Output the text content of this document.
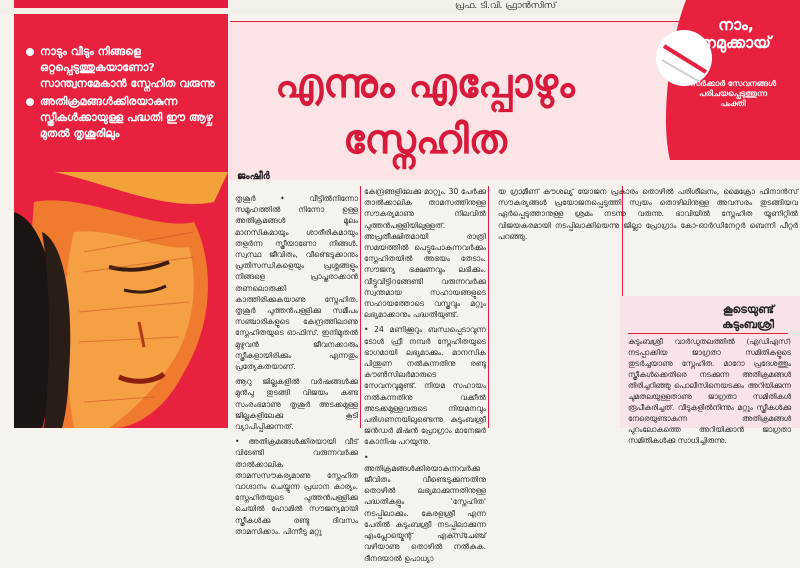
പ്രഫ. ടി.വി. ഫ്രാൻസിസ്
നാടും വീടും നിങ്ങളെ ഒറ്റപ്പെടുത്തുകയാണോ? സാന്ത്വനമേകാൻ സ്നേഹിത വരുന്നു
അതിക്രമങ്ങൾക്കിരയാകുന്ന സ്ത്രീകൾക്കായുള്ള പദ്ധതി ഈ ആഴ്ച മുതൽ തൃശൂരിലും
എന്നും എപ്പോഴും
സ്നേഹിത
നാം,
നമുക്കായ്
സർക്കാർ സേവനങ്ങൾ പരിചയപ്പെടുത്തുന്ന പംക്തി
ജംഷീർ

തൃശൂർ • വീട്ടിൽനിന്നോ സമൂഹത്തിൽ നിന്നോ ഉള്ള അതിക്രമങ്ങൾ മൂലം മാനസികമായും ശാരീരികമായും തളർന്ന സ്ത്രീയാണോ നിങ്ങൾ. സ്വസ്ഥ ജീവിതം, വീണ്ടെടുക്കാനും പ്രതിസന്ധികളെയും പ്രശ്നങ്ങളും നിങ്ങളെ പ്രാപ്തരാക്കാൻ തണലൊരുക്കി കാത്തിരിക്കുകയാണു സ്നേഹിത. തൃശൂർ പുത്തൻപള്ളിക്കു സമീപം സഞ്ചാരികളുടെ കേന്ദ്രത്തിലാണു സ്നേഹിതയുടെ ഓഫിസ്. ഇനിമുതൽ മുഴുവൻ ജീവനക്കാരും സ്ത്രീകളായിരിക്കും എന്നതും പ്രത്യേകതയാണ്.

ആറു ജില്ലകളിൽ വർഷങ്ങൾക്കു മുൻപു തുടങ്ങി വിജയം കണ്ട സംരംഭമാണു തൃശൂർ അടക്കമുള്ള ജില്ലകളിലേക്കു കൂടി വ്യാപിപ്പിക്കുന്നത്.

• അതിക്രമങ്ങൾക്കിരയായി വീട് വിടേണ്ടി വരുന്നവർക്കു താൽക്കാലിക താമസസൗകര്യമാണു സ്നേഹിത വാഗ്ദാനം ചെയ്യുന്ന പ്രധാന കാര്യം. സ്നേഹിതയുടെ പുത്തൻപള്ളിക്കു ചെയിൽ ഹോമിൽ സൗജന്യമായി സ്ത്രീകൾക്കു രണ്ടു ദിവസം താമസിക്കാം. പിന്നീടു മറ്റു

കേന്ദ്രങ്ങളിലേക്കു മാറ്റും. 30 പേർക്കു താൽക്കാലിക താമസത്തിനുള്ള സൗകര്യമാണു നിലവിൽ പുത്തൻപള്ളിയിലുള്ളത്. അപ്രതീക്ഷിതമായി രാത്രി സമയത്തിൽ പെട്ടുപോകുന്നവർക്കും സ്നേഹിതയിൽ അഭയം തേടാം. സൗജന്യ ഭക്ഷണവും ലഭിക്കും. വീട്ടുവിട്ടിറങ്ങേണ്ടി വരുന്നവർക്കു സ്വന്തമായ സഹായങ്ങളുടെ സഹായത്തോടെ വസ്ത്രവും മറ്റും ലഭ്യമാക്കാനും പദ്ധതിയുണ്ട്.

• 24 മണിക്കൂറും ബന്ധപ്പെടാവുന്ന ടോൾ ഫ്രീ നമ്പർ സ്നേഹിതയുടെ ഭാഗമായി ലഭ്യമാക്കും. മാനസിക പിന്തുണ നൽകുന്നതിനു രണ്ടു കൗൺസിലർമാരുടെ സേവനവുമുണ്ട്. നിയമ സഹായം നൽകുന്നതിനു വക്കീൽ അടക്കമുള്ളവരുടെ നിയമനവും പരിഗണനയിലുണ്ടെന്നു കുടുംബശ്രീ ജൻഡർ മിഷൻ പ്രോഗ്രാം മാനേജർ കോനിഷ പറയുന്നു.

• അതിക്രമങ്ങൾക്കിരയാകുന്നവർക്കു ജീവിതം വീണ്ടെടുക്കുന്നതിനു തൊഴിൽ ലഭ്യമാക്കുന്നതിനുള്ള പദ്ധതികളും 'സ്നേഹിത' നടപ്പിലാക്കും. കേരളശ്രീ എന്ന പേരിൽ കുടുംബശ്രീ നടപ്പിലാക്കുന്ന എംപ്ലോയ്മെന്റ് എക്സ്ചേഞ്ച് വഴിയാണു തൊഴിൽ നൽകുക. ദീനദയാൽ ഉപാധ്യാ

യ ഗ്രാമീണ് കൗശല്യ് യോജന പ്രകാരം തൊഴിൽ പരിശീലനം, മൈക്രോ ഫിനാൻസ് സൗകര്യങ്ങൾ പ്രയോജനപ്പെടുത്തി സ്വയം തൊഴിലിനുള്ള അവസരം തുടങ്ങിയവ ഏർപ്പെടുത്താനുള്ള ശ്രമം നടന്നു വരുന്നു. ഭാവിയിൽ സ്നേഹിത യൂണിറ്റിൽ വിജയകരമായി നടപ്പിലാക്കിയെന്നു ജില്ലാ പ്രോഗ്രാം കോ-ഓർഡിനേറ്റർ ബെന്നി പീറ്റർ പറഞ്ഞു.

കൂടെയുണ്ട്
കുടുംബശ്രീ
കുടുംബശ്രീ വാർഡുതലത്തിൽ (എഡിഎസ്) നടപ്പാക്കിയ ജാഗ്രതാ സമിതികളുടെ തുടർച്ചയാണു സ്നേഹിത. മാറോ പ്രദേശത്തും സ്ത്രീകൾക്കെതിരെ നടക്കുന്ന അതിക്രമങ്ങൾ തിരിച്ചറിഞ്ഞു പൊലീസിനെയടക്കം അറിയിക്കുന്ന ചുമതലയുള്ളതാണു ജാഗ്രതാ സമിതികൾ രൂപീകരിച്ചത്. വീടുകളിൽനിന്നും മറ്റും സ്ത്രീകൾക്കു നേരെയുണ്ടാകുന്ന അതിക്രമങ്ങൾ പുറംലോകത്തെ അറിയിക്കാൻ ജാഗ്രതാ സമിതികൾക്കു സാധിച്ചിരുന്നു.
